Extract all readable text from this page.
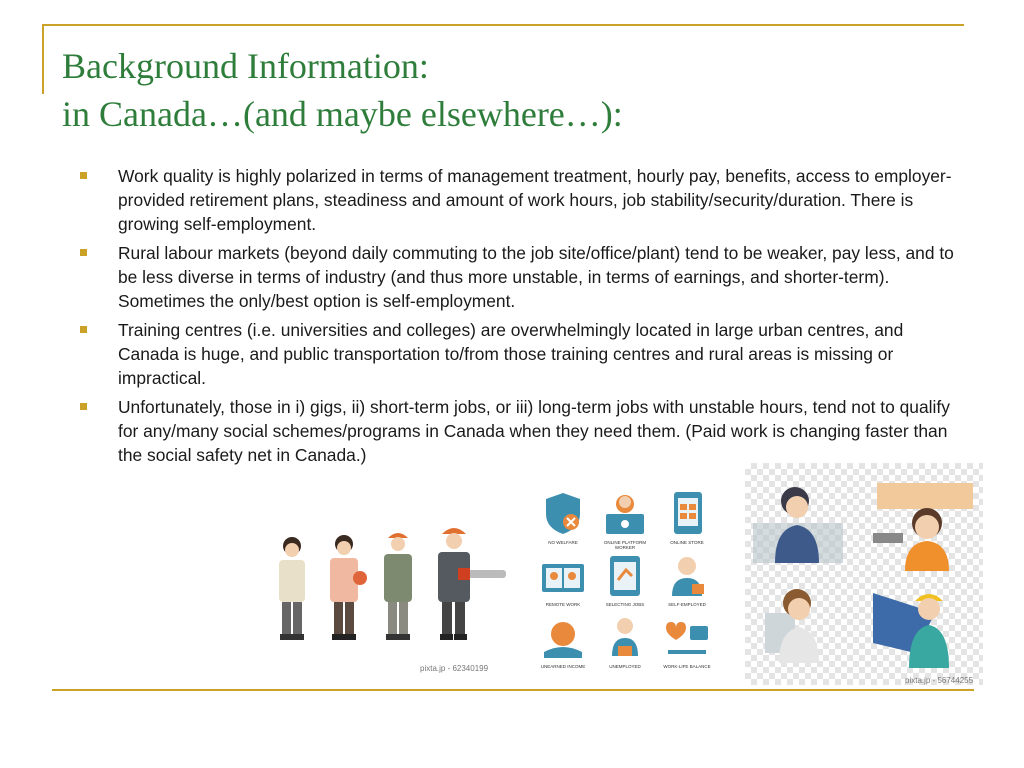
Background Information:
in Canada…(and maybe elsewhere…):
Work quality is highly polarized in terms of management treatment, hourly pay, benefits, access to employer-provided retirement plans, steadiness and amount of work hours, job stability/security/duration. There is growing self-employment.
Rural labour markets (beyond daily commuting to the job site/office/plant) tend to be weaker, pay less, and to be less diverse in terms of industry (and thus more unstable, in terms of earnings, and shorter-term). Sometimes the only/best option is self-employment.
Training centres (i.e. universities and colleges) are overwhelmingly located in large urban centres, and Canada is huge, and public transportation to/from those training centres and rural areas is missing or impractical.
Unfortunately, those in i) gigs, ii) short-term jobs, or iii) long-term jobs with unstable hours, tend not to qualify for any/many social schemes/programs in Canada when they need them. (Paid work is changing faster than the social safety net in Canada.)
pixta.jp - 62340199
NO WELFARE	ONLINE PLATFORM WORKER
ONLINE STORE
REMOTE WORK	SELECTING JOBS	SELF-EMPLOYED
UNEARNED INCOME	UNEMPLOYED	WORK-LIFE BALANCE
pixta.jp - 56744255
